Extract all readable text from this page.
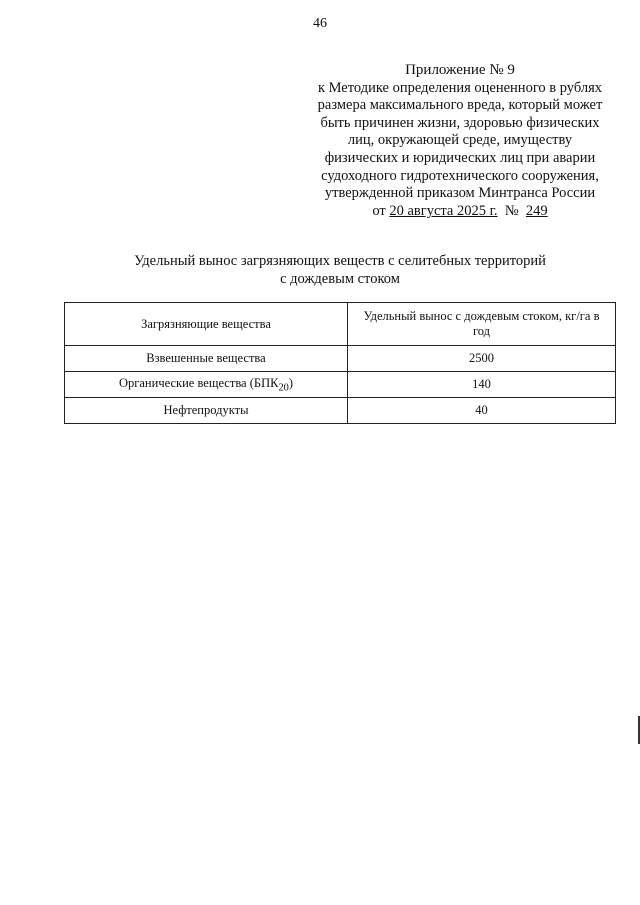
46
Приложение № 9
к Методике определения оцененного в рублях
размера максимального вреда, который может
быть причинен жизни, здоровью физических
лиц, окружающей среде, имуществу
физических и юридических лиц при аварии
судоходного гидротехнического сооружения,
утвержденной приказом Минтранса России
от 20 августа 2025 г. №  249
Удельный вынос загрязняющих веществ с селитебных территорий
с дождевым стоком
Загрязняющие вещества	Удельный вынос с дождевым стоком, кг/га в год
Взвешенные вещества	2500
Органические вещества $(БПК_{20})$	140
Нефтепродукты	40
